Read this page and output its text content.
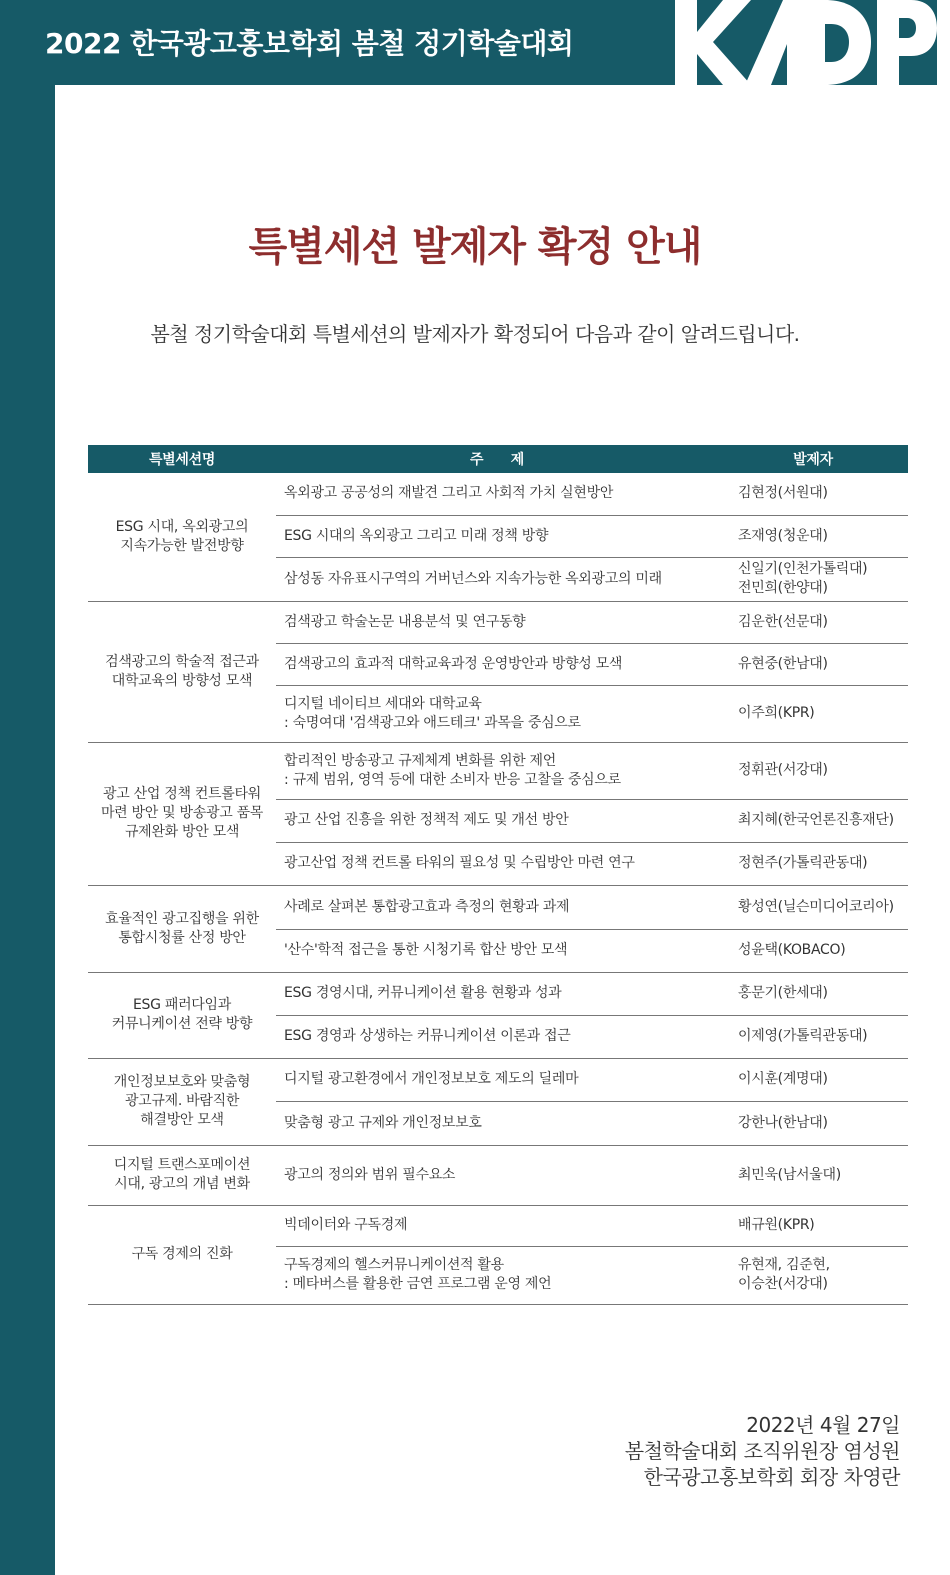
2022 한국광고홍보학회 봄철 정기학술대회
특별세션 발제자 확정 안내
봄철 정기학술대회 특별세션의 발제자가 확정되어 다음과 같이 알려드립니다.
특별세션명	주      제	발제자
ESG 시대, 옥외광고의
지속가능한 발전방향	옥외광고 공공성의 재발견 그리고 사회적 가치 실현방안	김현정(서원대)
	ESG 시대의 옥외광고 그리고 미래 정책 방향	조재영(청운대)
	삼성동 자유표시구역의 거버넌스와 지속가능한 옥외광고의 미래	신일기(인천가톨릭대)
전민희(한양대)
검색광고의 학술적 접근과
대학교육의 방향성 모색	검색광고 학술논문 내용분석 및 연구동향	김운한(선문대)
	검색광고의 효과적 대학교육과정 운영방안과 방향성 모색	유현중(한남대)
	디지털 네이티브 세대와 대학교육
: 숙명여대 '검색광고와 애드테크' 과목을 중심으로	이주희(KPR)
광고 산업 정책 컨트롤타워
마련 방안 및 방송광고 품목
규제완화 방안 모색	합리적인 방송광고 규제체계 변화를 위한 제언
: 규제 범위, 영역 등에 대한 소비자 반응 고찰을 중심으로	정휘관(서강대)
	광고 산업 진흥을 위한 정책적 제도 및 개선 방안	최지혜(한국언론진흥재단)
	광고산업 정책 컨트롤 타워의 필요성 및 수립방안 마련 연구	정현주(가톨릭관동대)
효율적인 광고집행을 위한
통합시청률 산정 방안	사례로 살펴본 통합광고효과 측정의 현황과 과제	황성연(닐슨미디어코리아)
	'산수'학적 접근을 통한 시청기록 합산 방안 모색	성윤택(KOBACO)
ESG 패러다임과
커뮤니케이션 전략 방향	ESG 경영시대, 커뮤니케이션 활용 현황과 성과	홍문기(한세대)
	ESG 경영과 상생하는 커뮤니케이션 이론과 접근	이제영(가톨릭관동대)
개인정보보호와 맞춤형
광고규제. 바람직한
해결방안 모색	디지털 광고환경에서 개인정보보호 제도의 딜레마	이시훈(계명대)
	맞춤형 광고 규제와 개인정보보호	강한나(한남대)
디지털 트랜스포메이션
시대, 광고의 개념 변화	광고의 정의와 범위 필수요소	최민욱(남서울대)
구독 경제의 진화	빅데이터와 구독경제	배규원(KPR)
	구독경제의 헬스커뮤니케이션적 활용
: 메타버스를 활용한 금연 프로그램 운영 제언	유현재, 김준현,
이승찬(서강대)
2022년 4월 27일
봄철학술대회 조직위원장 염성원
한국광고홍보학회 회장 차영란
